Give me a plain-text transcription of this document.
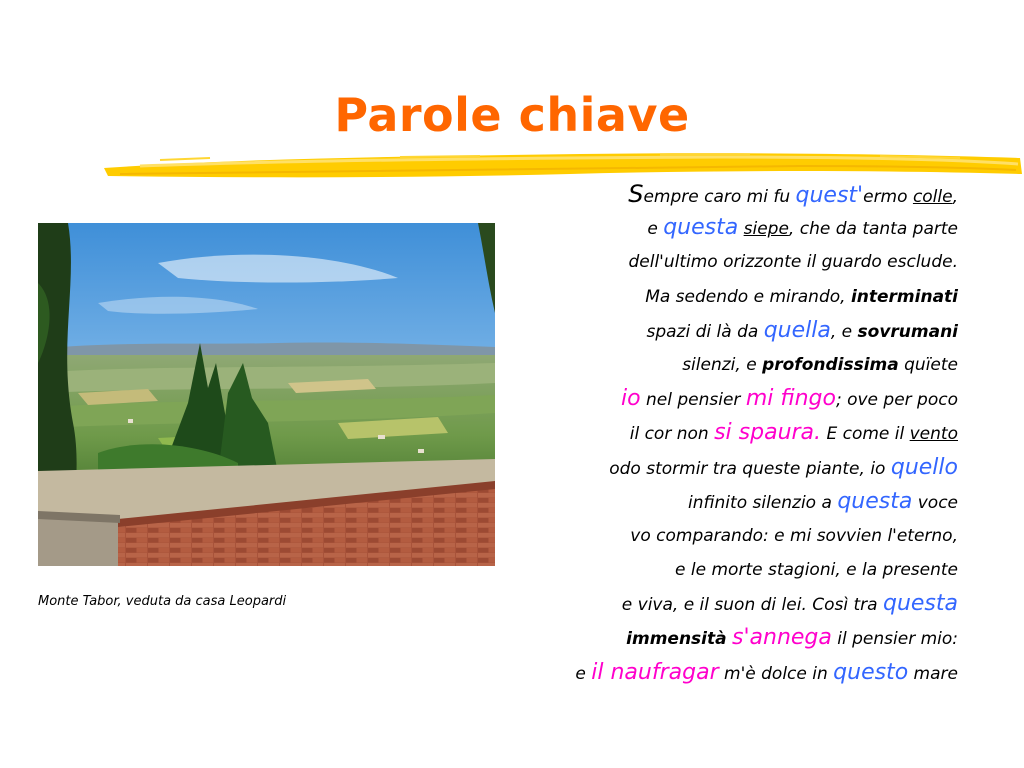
Parole chiave
Monte Tabor, veduta da casa Leopardi
Sempre caro mi fu quest'ermo colle,
e questa siepe, che da tanta parte
dell'ultimo orizzonte il guardo esclude.
Ma sedendo e mirando, interminati
spazi di là da quella, e sovrumani
silenzi, e profondissima quïete
io nel pensier mi fingo; ove per poco
il cor non si spaura. E come il vento
odo stormir tra queste piante, io quello
infinito silenzio a questa voce
vo comparando: e mi sovvien l'eterno,
e le morte stagioni, e la presente
e viva, e il suon di lei. Così tra questa
immensità s'annega il pensier mio:
e il naufragar m'è dolce in questo mare
